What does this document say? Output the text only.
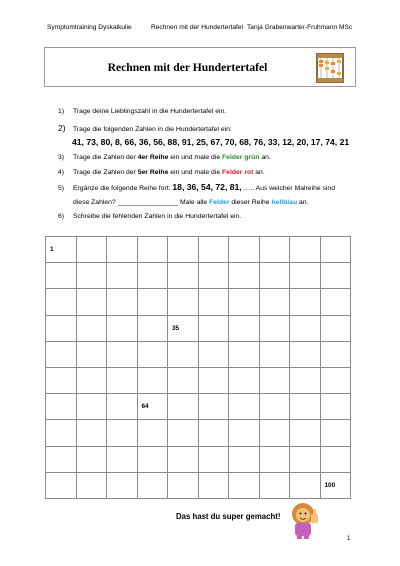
Symptomtraining Dyskalkulie	Rechnen mit der Hundertertafel Tanja Grabenwarter-Fruhmann MSc
Rechnen mit der Hundertertafel
1) Trage deine Lieblingszahl in die Hundertertafel ein.
2) Trage die folgenden Zahlen in die Hundertertafel ein:
41, 73, 80, 8, 66, 36, 56, 88, 91, 25, 67, 70, 68, 76, 33, 12, 20, 17, 74, 21
3) Trage die Zahlen der 4er Reihe ein und male die Felder grün an.
4) Trage die Zahlen der 5er Reihe ein und male die Felder rot an.
5) Ergänze die folgende Reihe fort: 18, 36, 54, 72, 81, ….. Aus welcher Malreihe sind
diese Zahlen? ________________ Male alle Felder dieser Reihe hellblau an.
6) Schreibe die fehlenden Zahlen in die Hundertertafel ein.
1									

				35					

			64						

									100
Das hast du super gemacht!
1
